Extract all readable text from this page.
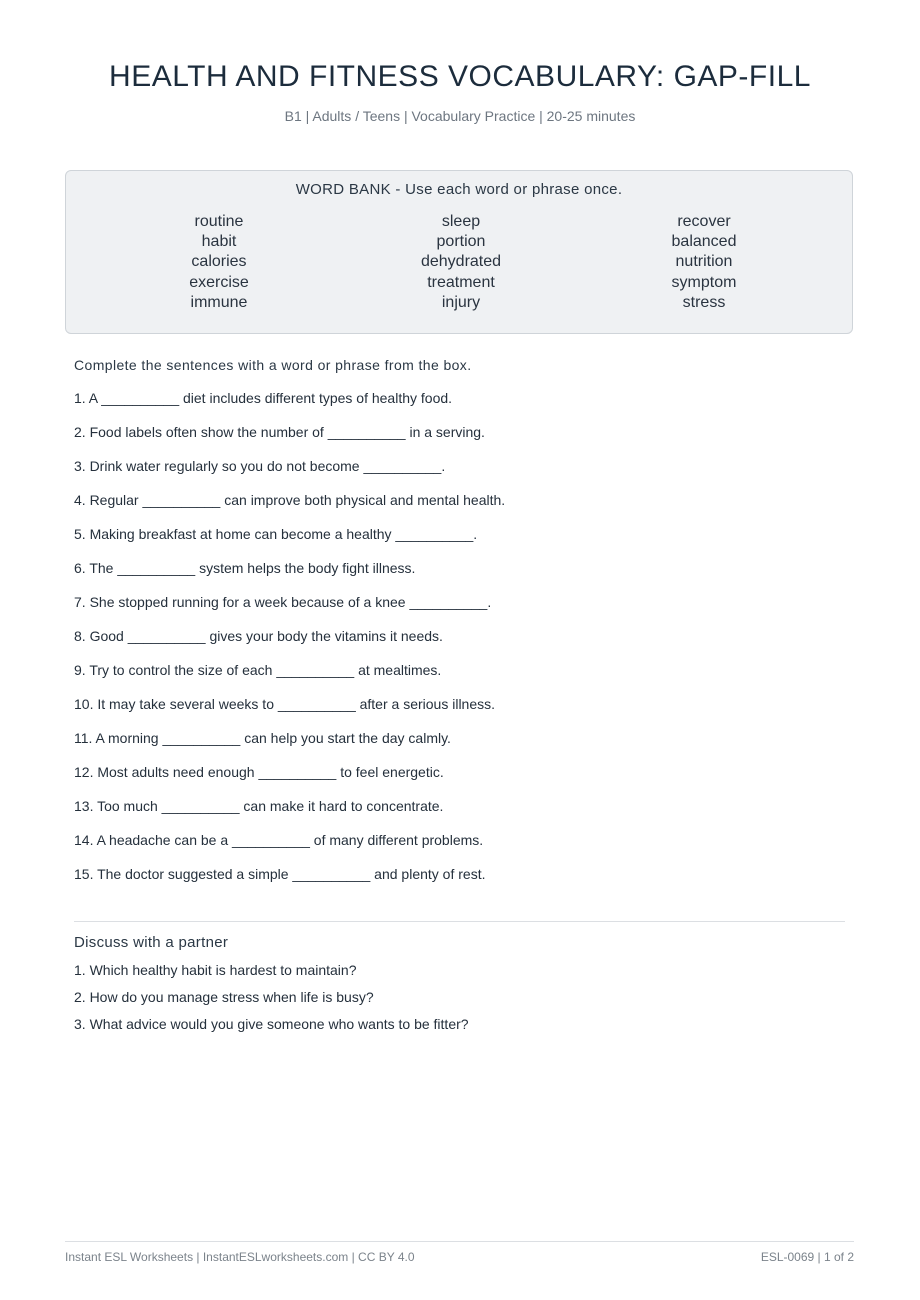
HEALTH AND FITNESS VOCABULARY: GAP-FILL
B1 | Adults / Teens | Vocabulary Practice | 20-25 minutes
WORD BANK - Use each word or phrase once.
routine
habit
calories
exercise
immune
sleep
portion
dehydrated
treatment
injury
recover
balanced
nutrition
symptom
stress
Complete the sentences with a word or phrase from the box.
1. A __________ diet includes different types of healthy food.
2. Food labels often show the number of __________ in a serving.
3. Drink water regularly so you do not become __________.
4. Regular __________ can improve both physical and mental health.
5. Making breakfast at home can become a healthy __________.
6. The __________ system helps the body fight illness.
7. She stopped running for a week because of a knee __________.
8. Good __________ gives your body the vitamins it needs.
9. Try to control the size of each __________ at mealtimes.
10. It may take several weeks to __________ after a serious illness.
11. A morning __________ can help you start the day calmly.
12. Most adults need enough __________ to feel energetic.
13. Too much __________ can make it hard to concentrate.
14. A headache can be a __________ of many different problems.
15. The doctor suggested a simple __________ and plenty of rest.
Discuss with a partner
1. Which healthy habit is hardest to maintain?
2. How do you manage stress when life is busy?
3. What advice would you give someone who wants to be fitter?
Instant ESL Worksheets | InstantESLworksheets.com | CC BY 4.0	ESL-0069 | 1 of 2
